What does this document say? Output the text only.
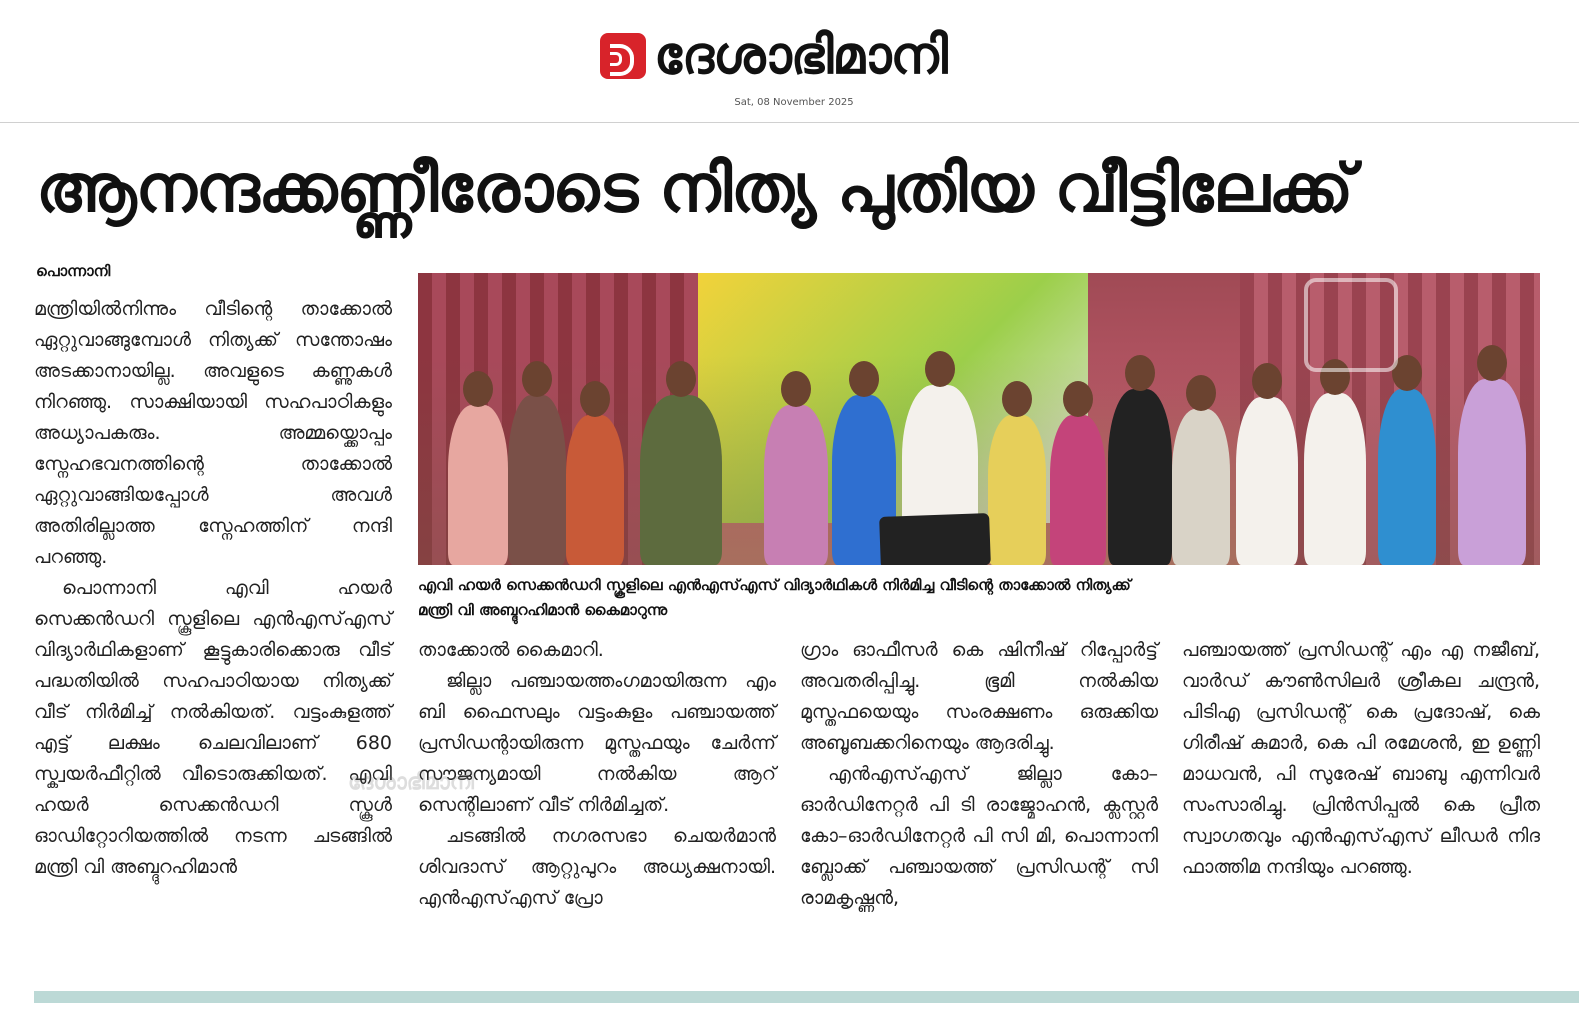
ദേശാഭിമാനി
Sat, 08 November 2025
ആനന്ദക്കണ്ണീരോടെ നിത്യ പുതിയ വീട്ടിലേക്ക്
പൊന്നാനി

മന്ത്രിയിൽനിന്നും വീടിന്റെ താക്കോൽ ഏറ്റുവാങ്ങുമ്പോൾ നിത്യക്ക് സന്തോഷം അടക്കാനായില്ല. അവളുടെ കണ്ണുകൾ നിറഞ്ഞു. സാക്ഷിയായി സഹപാഠികളും അധ്യാപകരും. അമ്മയ്ക്കൊപ്പം സ്നേഹഭവനത്തിന്റെ താക്കോൽ ഏറ്റുവാങ്ങിയപ്പോൾ അവൾ അതിരില്ലാത്ത സ്നേഹത്തിന് നന്ദി പറഞ്ഞു.

പൊന്നാനി എവി ഹയർ സെക്കൻഡറി സ്കൂളിലെ എൻഎസ്എസ് വിദ്യാർഥികളാണ് കൂട്ടുകാരിക്കൊരു വീട് പദ്ധതിയിൽ സഹപാഠിയായ നിത്യക്ക് വീട് നിർമിച്ച് നൽകിയത്. വട്ടംകുളത്ത് എട്ട് ലക്ഷം ചെലവിലാണ് 680 സ്ക്വയർഫീറ്റിൽ വീടൊരുക്കിയത്. എവി ഹയർ സെക്കൻഡറി സ്കൂൾ ഓഡിറ്റോറിയത്തിൽ നടന്ന ചടങ്ങിൽ മന്ത്രി വി അബ്ദുറഹിമാൻ

എവി ഹയർ സെക്കൻഡറി സ്കൂളിലെ എൻഎസ്എസ് വിദ്യാർഥികൾ നിർമിച്ച വീടിന്റെ താക്കോൽ നിത്യക്ക്
മന്ത്രി വി അബ്ദുറഹിമാൻ കൈമാറുന്നു

താക്കോൽ കൈമാറി.

ജില്ലാ പഞ്ചായത്തംഗമായിരുന്ന എം ബി ഫൈസലും വട്ടംകുളം പഞ്ചായത്ത് പ്രസിഡന്റായിരുന്ന മുസ്തഫയും ചേർന്ന് സൗജന്യമായി നൽകിയ ആറ് സെന്റിലാണ് വീട് നിർമിച്ചത്.

ചടങ്ങിൽ നഗരസഭാ ചെയർമാൻ ശിവദാസ് ആറ്റുപുറം അധ്യക്ഷനായി. എൻഎസ്എസ് പ്രോ

ഗ്രാം ഓഫീസർ കെ ഷിനീഷ് റിപ്പോർട്ട് അവതരിപ്പിച്ചു. ഭൂമി നൽകിയ മുസ്തഫയെയും സംരക്ഷണം ഒരുക്കിയ അബൂബക്കറിനെയും ആദരിച്ചു.

എൻഎസ്എസ് ജില്ലാ കോ–ഓർഡിനേറ്റർ പി ടി രാജ്മോഹൻ, ക്ലസ്റ്റർ കോ–ഓർഡിനേറ്റർ പി സി മി, പൊന്നാനി ബ്ലോക്ക് പഞ്ചായത്ത് പ്രസിഡന്റ് സി രാമകൃഷ്ണൻ,

പഞ്ചായത്ത് പ്രസിഡന്റ് എം എ നജീബ്, വാർഡ് കൗൺസിലർ ശ്രീകല ചന്ദ്രൻ, പിടിഎ പ്രസിഡന്റ് കെ പ്രദോഷ്, കെ ഗിരീഷ് കുമാർ, കെ പി രമേശൻ, ഇ ഉണ്ണി മാധവൻ, പി സുരേഷ് ബാബു എന്നിവർ സംസാരിച്ചു. പ്രിൻസിപ്പൽ കെ പ്രീത സ്വാഗതവും എൻഎസ്എസ് ലീഡർ നിദ ഫാത്തിമ നന്ദിയും പറഞ്ഞു.

ദേശാഭിമാനി
